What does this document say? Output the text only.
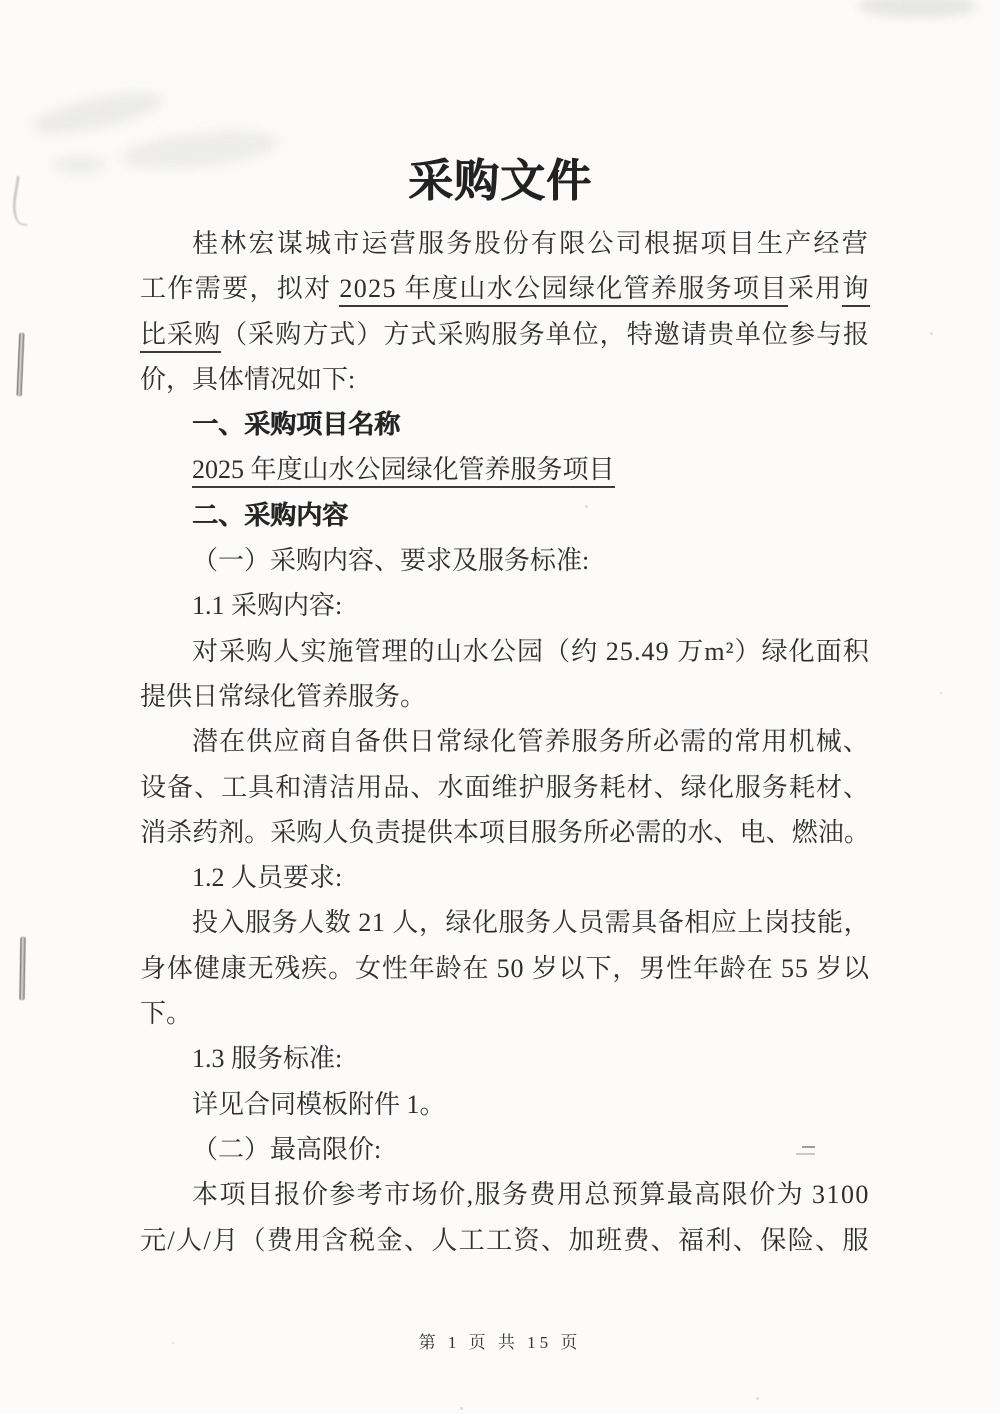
采购文件
桂林宏谋城市运营服务股份有限公司根据项目生产经营
工作需要，拟对 2025 年度山水公园绿化管养服务项目采用询
比采购（采购方式）方式采购服务单位，特邀请贵单位参与报
价，具体情况如下:
一、采购项目名称
2025 年度山水公园绿化管养服务项目
二、采购内容
（一）采购内容、要求及服务标准:
1.1 采购内容:
对采购人实施管理的山水公园（约 25.49 万m²）绿化面积
提供日常绿化管养服务。
潜在供应商自备供日常绿化管养服务所必需的常用机械、
设备、工具和清洁用品、水面维护服务耗材、绿化服务耗材、
消杀药剂。采购人负责提供本项目服务所必需的水、电、燃油。
1.2 人员要求:
投入服务人数 21 人，绿化服务人员需具备相应上岗技能，
身体健康无残疾。女性年龄在 50 岁以下，男性年龄在 55 岁以
下。
1.3 服务标准:
详见合同模板附件 1。
（二）最高限价:
本项目报价参考市场价,服务费用总预算最高限价为 3100
元/人/月（费用含税金、人工工资、加班费、福利、保险、服
第 1 页 共 15 页
